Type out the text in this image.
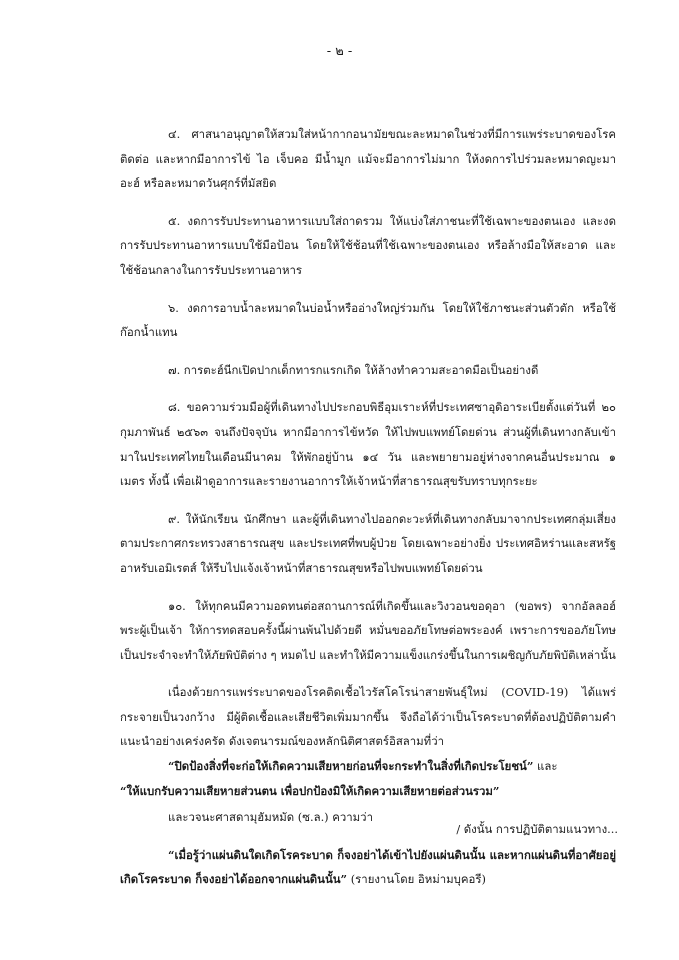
- ๒ -

๔. ศาสนาอนุญาตให้สวมใส่หน้ากากอนามัยขณะละหมาดในช่วงที่มีการแพร่ระบาดของโรคติดต่อ และหากมีอาการไข้ ไอ เจ็บคอ มีน้ำมูก แม้จะมีอาการไม่มาก ให้งดการไปร่วมละหมาดญะมาอะฮ์ หรือละหมาดวันศุกร์ที่มัสยิด

๕. งดการรับประทานอาหารแบบใส่ถาดรวม ให้แบ่งใส่ภาชนะที่ใช้เฉพาะของตนเอง และงดการรับประทานอาหารแบบใช้มือป้อน โดยให้ใช้ช้อนที่ใช้เฉพาะของตนเอง หรือล้างมือให้สะอาด และใช้ช้อนกลางในการรับประทานอาหาร

๖. งดการอาบน้ำละหมาดในบ่อน้ำหรืออ่างใหญ่ร่วมกัน โดยให้ใช้ภาชนะส่วนตัวตัก หรือใช้ก๊อกน้ำแทน

๗. การตะฮ์นีกเปิดปากเด็กทารกแรกเกิด ให้ล้างทำความสะอาดมือเป็นอย่างดี

๘. ขอความร่วมมือผู้ที่เดินทางไปประกอบพิธีอุมเราะห์ที่ประเทศซาอุดิอาระเบียตั้งแต่วันที่ ๒๐ กุมภาพันธ์ ๒๕๖๓ จนถึงปัจจุบัน หากมีอาการไข้หวัด ให้ไปพบแพทย์โดยด่วน ส่วนผู้ที่เดินทางกลับเข้ามาในประเทศไทยในเดือนมีนาคม ให้พักอยู่บ้าน ๑๔ วัน และพยายามอยู่ห่างจากคนอื่นประมาณ ๑ เมตร ทั้งนี้ เพื่อเฝ้าดูอาการและรายงานอาการให้เจ้าหน้าที่สาธารณสุขรับทราบทุกระยะ

๙. ให้นักเรียน นักศึกษา และผู้ที่เดินทางไปออกดะวะห์ที่เดินทางกลับมาจากประเทศกลุ่มเสี่ยง ตามประกาศกระทรวงสาธารณสุข และประเทศที่พบผู้ป่วย โดยเฉพาะอย่างยิ่ง ประเทศอิหร่านและสหรัฐอาหรับเอมิเรตส์ ให้รีบไปแจ้งเจ้าหน้าที่สาธารณสุขหรือไปพบแพทย์โดยด่วน

๑๐. ให้ทุกคนมีความอดทนต่อสถานการณ์ที่เกิดขึ้นและวิงวอนขอดุอา (ขอพร) จากอัลลอฮ์ พระผู้เป็นเจ้า ให้การทดสอบครั้งนี้ผ่านพ้นไปด้วยดี หมั่นขออภัยโทษต่อพระองค์ เพราะการขออภัยโทษเป็นประจำจะทำให้ภัยพิบัติต่าง ๆ หมดไป และทำให้มีความแข็งแกร่งขึ้นในการเผชิญกับภัยพิบัติเหล่านั้น

เนื่องด้วยการแพร่ระบาดของโรคติดเชื้อไวรัสโคโรน่าสายพันธุ์ใหม่ (COVID-19) ได้แพร่กระจายเป็นวงกว้าง มีผู้ติดเชื้อและเสียชีวิตเพิ่มมากขึ้น จึงถือได้ว่าเป็นโรคระบาดที่ต้องปฏิบัติตามคำแนะนำอย่างเคร่งครัด ดังเจตนารมณ์ของหลักนิติศาสตร์อิสลามที่ว่า

“ปิดป้องสิ่งที่จะก่อให้เกิดความเสียหายก่อนที่จะกระทำในสิ่งที่เกิดประโยชน์” และ
“ให้แบกรับความเสียหายส่วนตน เพื่อปกป้องมิให้เกิดความเสียหายต่อส่วนรวม”

และวจนะศาสดามุฮัมหมัด (ซ.ล.) ความว่า

“เมื่อรู้ว่าแผ่นดินใดเกิดโรคระบาด ก็จงอย่าได้เข้าไปยังแผ่นดินนั้น และหากแผ่นดินที่อาศัยอยู่เกิดโรคระบาด ก็จงอย่าได้ออกจากแผ่นดินนั้น” (รายงานโดย อิหม่ามบุคอรี)

/ ดังนั้น การปฏิบัติตามแนวทาง...
